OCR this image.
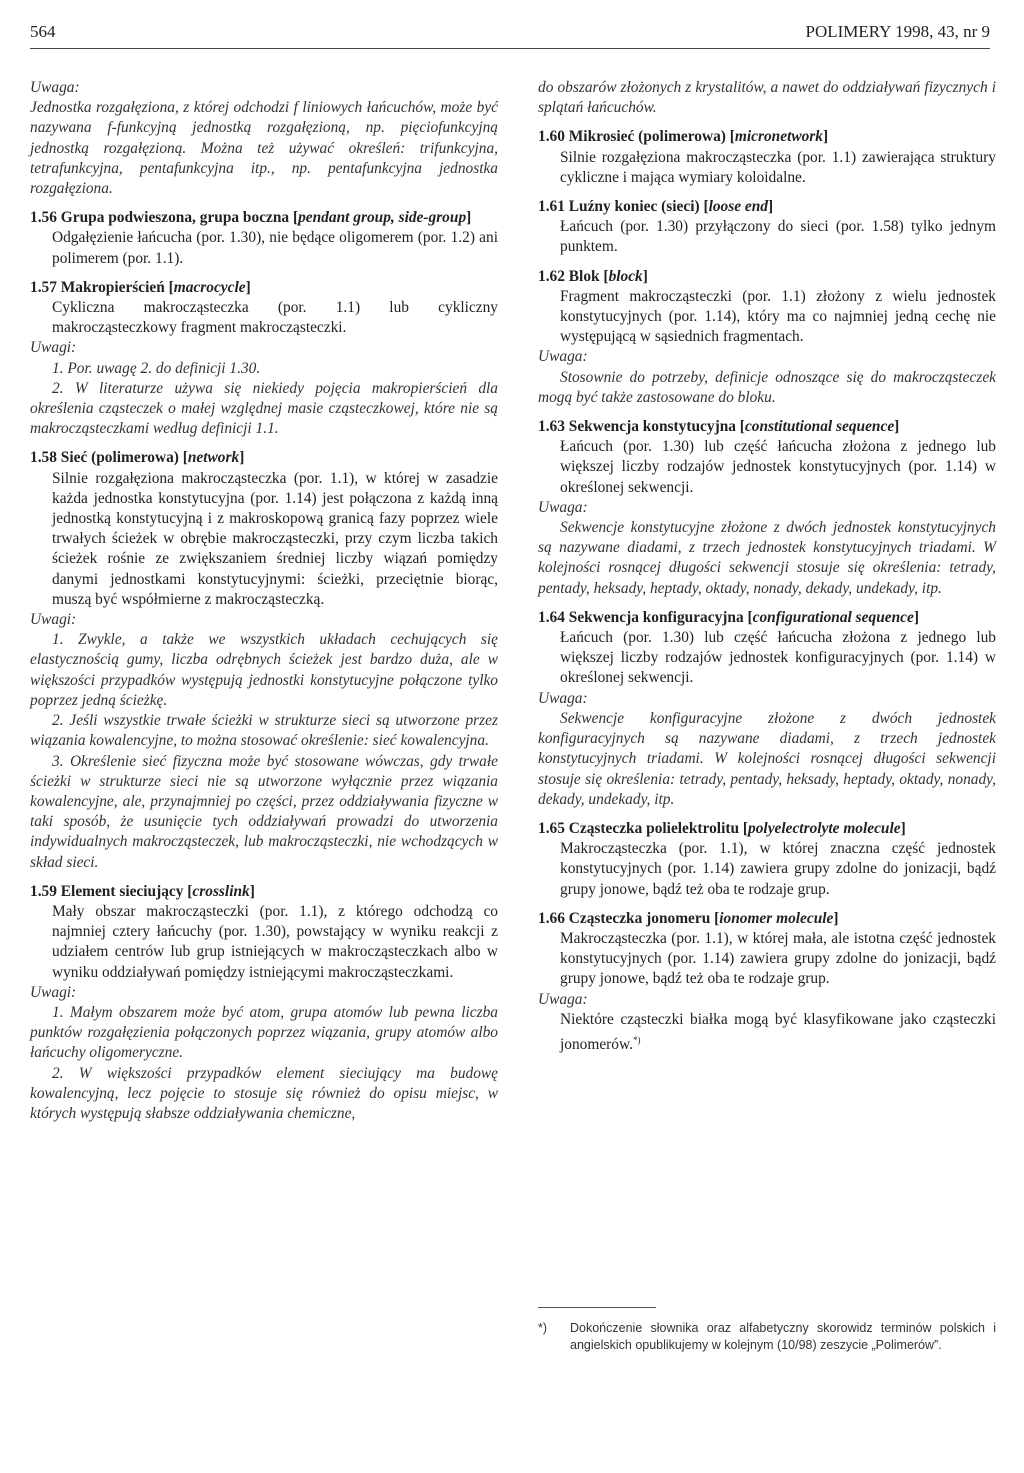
564	POLIMERY 1998, 43, nr 9

Uwaga:

Jednostka rozgałęziona, z której odchodzi f liniowych łańcuchów, może być nazywana f-funkcyjną jednostką rozgałęzioną, np. pięciofunkcyjną jednostką rozgałęzioną. Można też używać określeń: trifunkcyjna, tetrafunkcyjna, pentafunkcyjna itp., np. pentafunkcyjna jednostka rozgałęziona.

1.56 Grupa podwieszona, grupa boczna [pendant group, side-group]

Odgałęzienie łańcucha (por. 1.30), nie będące oligomerem (por. 1.2) ani polimerem (por. 1.1).

1.57 Makropierścień [macrocycle]

Cykliczna makrocząsteczka (por. 1.1) lub cykliczny makrocząsteczkowy fragment makrocząsteczki.

Uwagi:

1. Por. uwagę 2. do definicji 1.30.

2. W literaturze używa się niekiedy pojęcia makropierścień dla określenia cząsteczek o małej względnej masie cząsteczkowej, które nie są makrocząsteczkami według definicji 1.1.

1.58 Sieć (polimerowa) [network]

Silnie rozgałęziona makrocząsteczka (por. 1.1), w której w zasadzie każda jednostka konstytucyjna (por. 1.14) jest połączona z każdą inną jednostką konstytucyjną i z makroskopową granicą fazy poprzez wiele trwałych ścieżek w obrębie makrocząsteczki, przy czym liczba takich ścieżek rośnie ze zwiększaniem średniej liczby wiązań pomiędzy danymi jednostkami konstytucyjnymi: ścieżki, przeciętnie biorąc, muszą być współmierne z makrocząsteczką.

Uwagi:

1. Zwykle, a także we wszystkich układach cechujących się elastycznością gumy, liczba odrębnych ścieżek jest bardzo duża, ale w większości przypadków występują jednostki konstytucyjne połączone tylko poprzez jedną ścieżkę.

2. Jeśli wszystkie trwałe ścieżki w strukturze sieci są utworzone przez wiązania kowalencyjne, to można stosować określenie: sieć kowalencyjna.

3. Określenie sieć fizyczna może być stosowane wówczas, gdy trwałe ścieżki w strukturze sieci nie są utworzone wyłącznie przez wiązania kowalencyjne, ale, przynajmniej po części, przez oddziaływania fizyczne w taki sposób, że usunięcie tych oddziaływań prowadzi do utworzenia indywidualnych makrocząsteczek, lub makrocząsteczki, nie wchodzących w skład sieci.

1.59 Element sieciujący [crosslink]

Mały obszar makrocząsteczki (por. 1.1), z którego odchodzą co najmniej cztery łańcuchy (por. 1.30), powstający w wyniku reakcji z udziałem centrów lub grup istniejących w makrocząsteczkach albo w wyniku oddziaływań pomiędzy istniejącymi makrocząsteczkami.

Uwagi:

1. Małym obszarem może być atom, grupa atomów lub pewna liczba punktów rozgałęzienia połączonych poprzez wiązania, grupy atomów albo łańcuchy oligomeryczne.

2. W większości przypadków element sieciujący ma budowę kowalencyjną, lecz pojęcie to stosuje się również do opisu miejsc, w których występują słabsze oddziaływania chemiczne,

do obszarów złożonych z krystalitów, a nawet do oddziaływań fizycznych i splątań łańcuchów.

1.60 Mikrosieć (polimerowa) [micronetwork]

Silnie rozgałęziona makrocząsteczka (por. 1.1) zawierająca struktury cykliczne i mająca wymiary koloidalne.

1.61 Luźny koniec (sieci) [loose end]

Łańcuch (por. 1.30) przyłączony do sieci (por. 1.58) tylko jednym punktem.

1.62 Blok [block]

Fragment makrocząsteczki (por. 1.1) złożony z wielu jednostek konstytucyjnych (por. 1.14), który ma co najmniej jedną cechę nie występującą w sąsiednich fragmentach.

Uwaga:

Stosownie do potrzeby, definicje odnoszące się do makrocząsteczek mogą być także zastosowane do bloku.

1.63 Sekwencja konstytucyjna [constitutional sequence]

Łańcuch (por. 1.30) lub część łańcucha złożona z jednego lub większej liczby rodzajów jednostek konstytucyjnych (por. 1.14) w określonej sekwencji.

Uwaga:

Sekwencje konstytucyjne złożone z dwóch jednostek konstytucyjnych są nazywane diadami, z trzech jednostek konstytucyjnych triadami. W kolejności rosnącej długości sekwencji stosuje się określenia: tetrady, pentady, heksady, heptady, oktady, nonady, dekady, undekady, itp.

1.64 Sekwencja konfiguracyjna [configurational sequence]

Łańcuch (por. 1.30) lub część łańcucha złożona z jednego lub większej liczby rodzajów jednostek konfiguracyjnych (por. 1.14) w określonej sekwencji.

Uwaga:

Sekwencje konfiguracyjne złożone z dwóch jednostek konfiguracyjnych są nazywane diadami, z trzech jednostek konstytucyjnych triadami. W kolejności rosnącej długości sekwencji stosuje się określenia: tetrady, pentady, heksady, heptady, oktady, nonady, dekady, undekady, itp.

1.65 Cząsteczka polielektrolitu [polyelectrolyte molecule]

Makrocząsteczka (por. 1.1), w której znaczna część jednostek konstytucyjnych (por. 1.14) zawiera grupy zdolne do jonizacji, bądź grupy jonowe, bądź też oba te rodzaje grup.

1.66 Cząsteczka jonomeru [ionomer molecule]

Makrocząsteczka (por. 1.1), w której mała, ale istotna część jednostek konstytucyjnych (por. 1.14) zawiera grupy zdolne do jonizacji, bądź grupy jonowe, bądź też oba te rodzaje grup.

Uwaga:

Niektóre cząsteczki białka mogą być klasyfikowane jako cząsteczki jonomerów.*)

*) Dokończenie słownika oraz alfabetyczny skorowidz terminów polskich i angielskich opublikujemy w kolejnym (10/98) zeszycie „Polimerów”.
